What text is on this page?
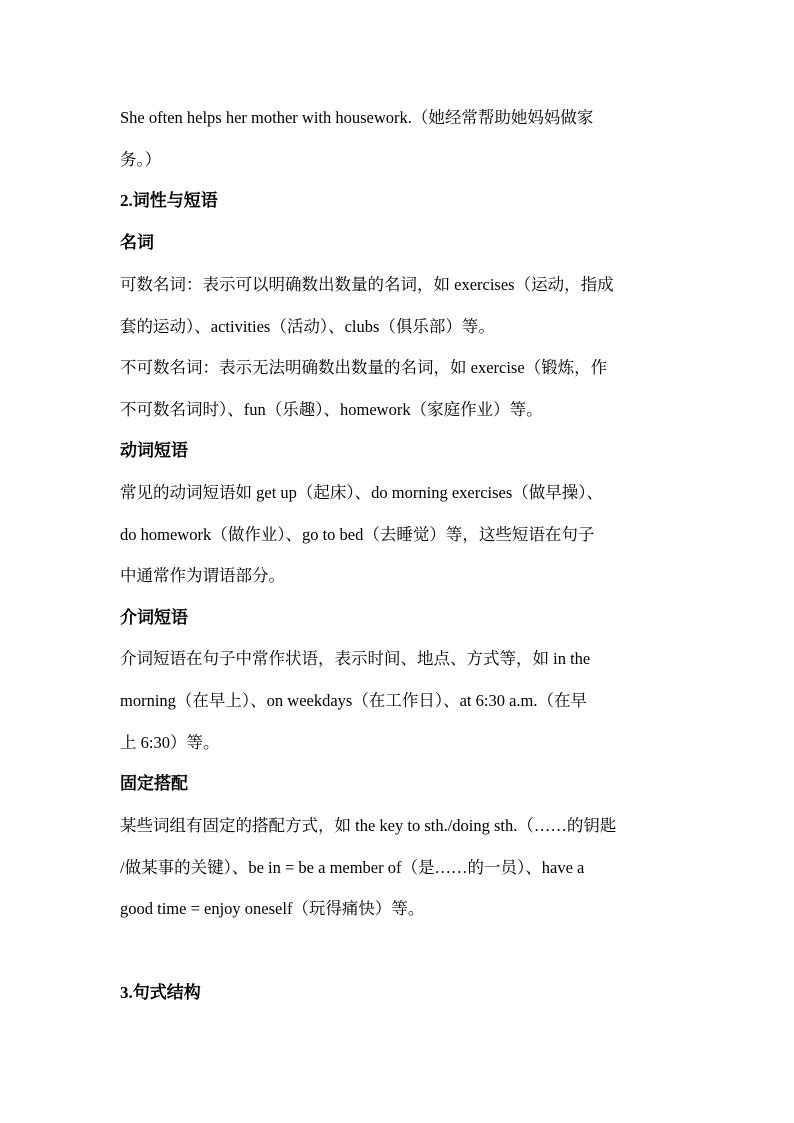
She often helps her mother with housework.（她经常帮助她妈妈做家
务。）
2.词性与短语
名词
可数名词：表示可以明确数出数量的名词，如 exercises（运动，指成
套的运动）、activities（活动）、clubs（俱乐部）等。
不可数名词：表示无法明确数出数量的名词，如 exercise（锻炼，作
不可数名词时）、fun（乐趣）、homework（家庭作业）等。
动词短语
常见的动词短语如 get up（起床）、do morning exercises（做早操）、
do homework（做作业）、go to bed（去睡觉）等，这些短语在句子
中通常作为谓语部分。
介词短语
介词短语在句子中常作状语，表示时间、地点、方式等，如 in the
morning（在早上）、on weekdays（在工作日）、at 6:30 a.m.（在早
上 6:30）等。
固定搭配
某些词组有固定的搭配方式，如 the key to sth./doing sth.（……的钥匙
/做某事的关键）、be in = be a member of（是……的一员）、have a
good time = enjoy oneself（玩得痛快）等。
3.句式结构
